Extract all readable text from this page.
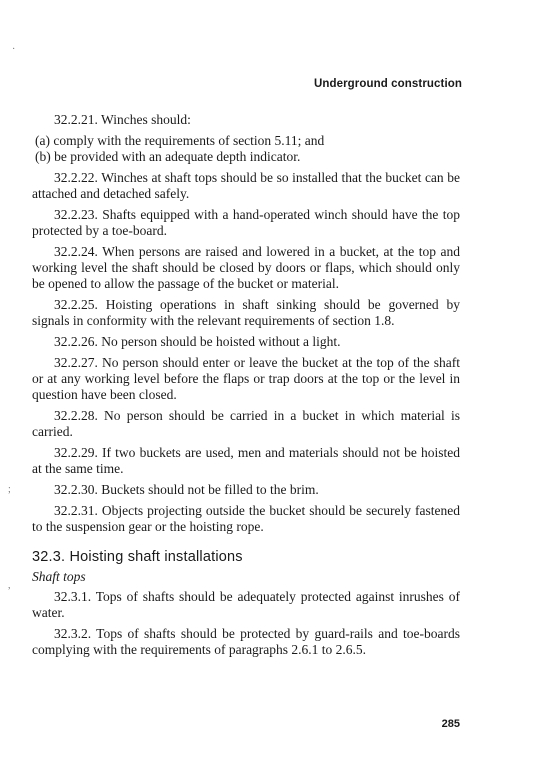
Underground construction

32.2.21. Winches should:

(a) comply with the requirements of section 5.11; and

(b) be provided with an adequate depth indicator.

32.2.22. Winches at shaft tops should be so installed that the bucket can be attached and detached safely.

32.2.23. Shafts equipped with a hand-operated winch should have the top protected by a toe-board.

32.2.24. When persons are raised and lowered in a bucket, at the top and working level the shaft should be closed by doors or flaps, which should only be opened to allow the passage of the bucket or material.

32.2.25. Hoisting operations in shaft sinking should be governed by signals in conformity with the relevant requirements of section 1.8.

32.2.26. No person should be hoisted without a light.

32.2.27. No person should enter or leave the bucket at the top of the shaft or at any working level before the flaps or trap doors at the top or the level in question have been closed.

32.2.28. No person should be carried in a bucket in which material is carried.

32.2.29. If two buckets are used, men and materials should not be hoisted at the same time.

32.2.30. Buckets should not be filled to the brim.

32.2.31. Objects projecting outside the bucket should be securely fastened to the suspension gear or the hoisting rope.

32.3. Hoisting shaft installations
Shaft tops

32.3.1. Tops of shafts should be adequately protected against inrushes of water.

32.3.2. Tops of shafts should be protected by guard-rails and toe-boards complying with the requirements of paragraphs 2.6.1 to 2.6.5.

285
·
;
,
